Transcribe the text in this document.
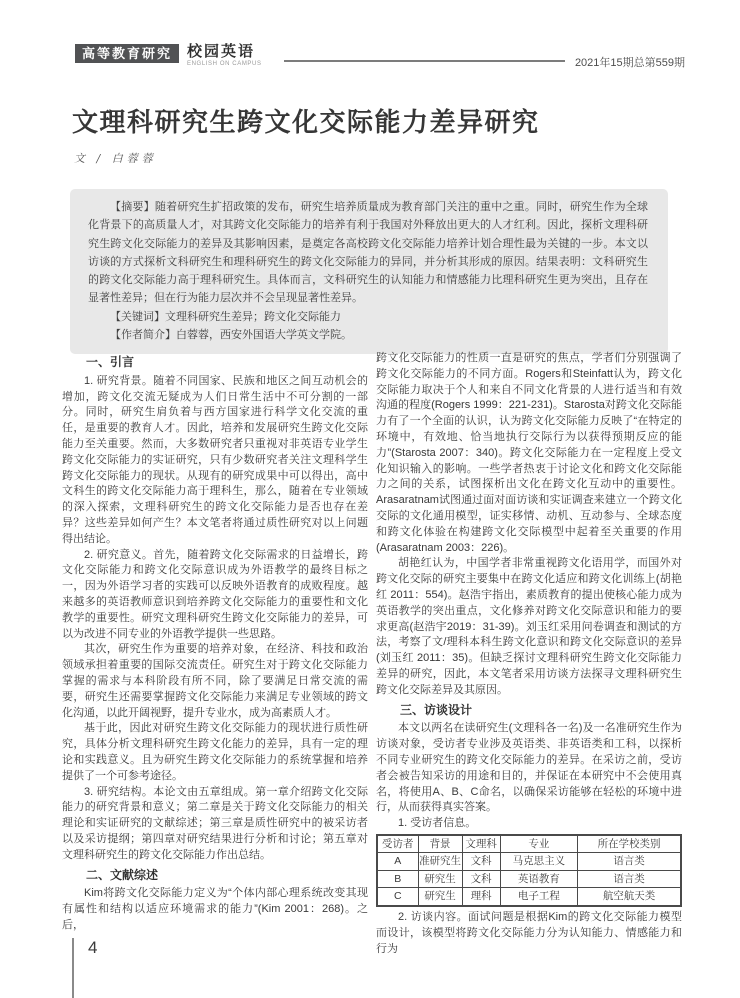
高等教育研究	校园英语
ENGLISH ON CAMPUS	2021年15期总第559期
文理科研究生跨文化交际能力差异研究
文 / 白蓉蓉

【摘要】随着研究生扩招政策的发布，研究生培养质量成为教育部门关注的重中之重。同时，研究生作为全球化背景下的高质量人才，对其跨文化交际能力的培养有利于我国对外释放出更大的人才红利。因此，探析文理科研究生跨文化交际能力的差异及其影响因素，是奠定各高校跨文化交际能力培养计划合理性最为关键的一步。本文以访谈的方式探析文科研究生和理科研究生的跨文化交际能力的异同，并分析其形成的原因。结果表明：文科研究生的跨文化交际能力高于理科研究生。具体而言，文科研究生的认知能力和情感能力比理科研究生更为突出，且存在显著性差异；但在行为能力层次并不会呈现显著性差异。

【关键词】文理科研究生差异；跨文化交际能力

【作者简介】白蓉蓉，西安外国语大学英文学院。

一、引言

1. 研究背景。随着不同国家、民族和地区之间互动机会的增加，跨文化交流无疑成为人们日常生活中不可分割的一部分。同时，研究生肩负着与西方国家进行科学文化交流的重任，是重要的教育人才。因此，培养和发展研究生跨文化交际能力至关重要。然而，大多数研究者只重视对非英语专业学生跨文化交际能力的实证研究，只有少数研究者关注文理科学生跨文化交际能力的现状。从现有的研究成果中可以得出，高中文科生的跨文化交际能力高于理科生，那么，随着在专业领域的深入探索，文理科研究生的跨文化交际能力是否也存在差异？这些差异如何产生？本文笔者将通过质性研究对以上问题得出结论。

2. 研究意义。首先，随着跨文化交际需求的日益增长，跨文化交际能力和跨文化交际意识成为外语教学的最终目标之一，因为外语学习者的实践可以反映外语教育的成败程度。越来越多的英语教师意识到培养跨文化交际能力的重要性和文化教学的重要性。研究文理科研究生跨文化交际能力的差异，可以为改进不同专业的外语教学提供一些思路。

其次，研究生作为重要的培养对象，在经济、科技和政治领域承担着重要的国际交流责任。研究生对于跨文化交际能力掌握的需求与本科阶段有所不同，除了要满足日常交流的需要，研究生还需要掌握跨文化交际能力来满足专业领域的跨文化沟通，以此开阔视野，提升专业水，成为高素质人才。

基于此，因此对研究生跨文化交际能力的现状进行质性研究，具体分析文理科研究生跨文化能力的差异，具有一定的理论和实践意义。且为研究生跨文化交际能力的系统掌握和培养提供了一个可参考途径。

3. 研究结构。本论文由五章组成。第一章介绍跨文化交际能力的研究背景和意义；第二章是关于跨文化交际能力的相关理论和实证研究的文献综述；第三章是质性研究中的被采访者以及采访提纲；第四章对研究结果进行分析和讨论；第五章对文理科研究生的跨文化交际能力作出总结。

二、文献综述

Kim将跨文化交际能力定义为“个体内部心理系统改变其现有属性和结构以适应环境需求的能力”(Kim 2001：268)。之后，

跨文化交际能力的性质一直是研究的焦点，学者们分别强调了跨文化交际能力的不同方面。Rogers和Steinfatt认为，跨文化交际能力取决于个人和来自不同文化背景的人进行适当和有效沟通的程度(Rogers 1999：221-231)。Starosta对跨文化交际能力有了一个全面的认识，认为跨文化交际能力反映了“在特定的环境中，有效地、恰当地执行交际行为以获得预期反应的能力”(Starosta 2007：340)。跨文化交际能力在一定程度上受文化知识输入的影响。一些学者热衷于讨论文化和跨文化交际能力之间的关系，试图探析出文化在跨文化互动中的重要性。Arasaratnam试图通过面对面访谈和实证调查来建立一个跨文化交际的文化通用模型，证实移情、动机、互动参与、全球态度和跨文化体验在构建跨文化交际模型中起着至关重要的作用(Arasaratnam 2003：226)。

胡艳红认为，中国学者非常重视跨文化语用学，而国外对跨文化交际的研究主要集中在跨文化适应和跨文化训练上(胡艳红 2011：554)。赵浩宇指出，素质教育的提出使核心能力成为英语教学的突出重点，文化修养对跨文化交际意识和能力的要求更高(赵浩宇2019：31-39)。刘玉红采用问卷调查和测试的方法，考察了文/理科本科生跨文化意识和跨文化交际意识的差异(刘玉红 2011：35)。但缺乏探讨文理科研究生跨文化交际能力差异的研究，因此，本文笔者采用访谈方法探寻文理科研究生跨文化交际差异及其原因。

三、访谈设计

本文以两名在读研究生(文理科各一名)及一名准研究生作为访谈对象，受访者专业涉及英语类、非英语类和工科，以探析不同专业研究生的跨文化交际能力的差异。在采访之前，受访者会被告知采访的用途和目的，并保证在本研究中不会使用真名，将使用A、B、C命名，以确保采访能够在轻松的环境中进行，从而获得真实答案。

1. 受访者信息。

受访者	背景	文理科	专业	所在学校类别
A	准研究生	文科	马克思主义	语言类
B	研究生	文科	英语教育	语言类
C	研究生	理科	电子工程	航空航天类

2. 访谈内容。面试问题是根据Kim的跨文化交际能力模型而设计，该模型将跨文化交际能力分为认知能力、情感能力和行为

4
